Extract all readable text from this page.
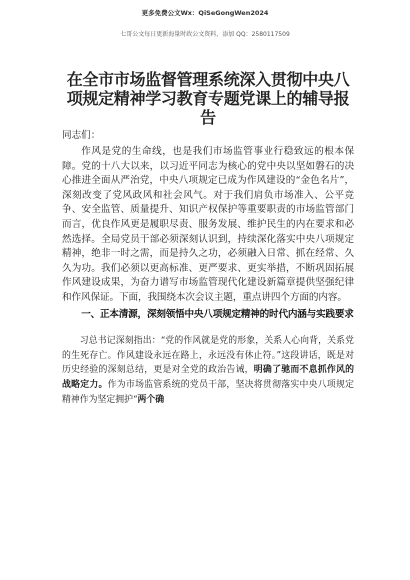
更多免费公文Wx：QiSeGongWen2024
七哥公文每日更新海量时政公文资料，添加 QQ：2580117509
在全市市场监督管理系统深入贯彻中央八项规定精神学习教育专题党课上的辅导报告
同志们：

作风是党的生命线，也是我们市场监管事业行稳致远的根本保障。党的十八大以来，以习近平同志为核心的党中央以坚如磐石的决心推进全面从严治党，中央八项规定已成为作风建设的“金色名片”，深刻改变了党风政风和社会风气。对于我们肩负市场准入、公平竞争、安全监管、质量提升、知识产权保护等重要职责的市场监管部门而言，优良作风更是履职尽责、服务发展、维护民生的内在要求和必然选择。全局党员干部必须深刻认识到，持续深化落实中央八项规定精神，绝非一时之需，而是持久之功，必须融入日常、抓在经常、久久为功。我们必须以更高标准、更严要求、更实举措，不断巩固拓展作风建设成果，为奋力谱写市场监管现代化建设新篇章提供坚强纪律和作风保证。下面，我围绕本次会议主题，重点讲四个方面的内容。

一、正本清源，深刻领悟中央八项规定精神的时代内涵与实践要求

习总书记深刻指出：“党的作风就是党的形象，关系人心向背，关系党的生死存亡。作风建设永远在路上，永远没有休止符。”这段讲话，既是对历史经验的深刻总结，更是对全党的政治告诫，明确了驰而不息抓作风的战略定力。作为市场监管系统的党员干部，坚决将贯彻落实中央八项规定精神作为坚定拥护“两个确
